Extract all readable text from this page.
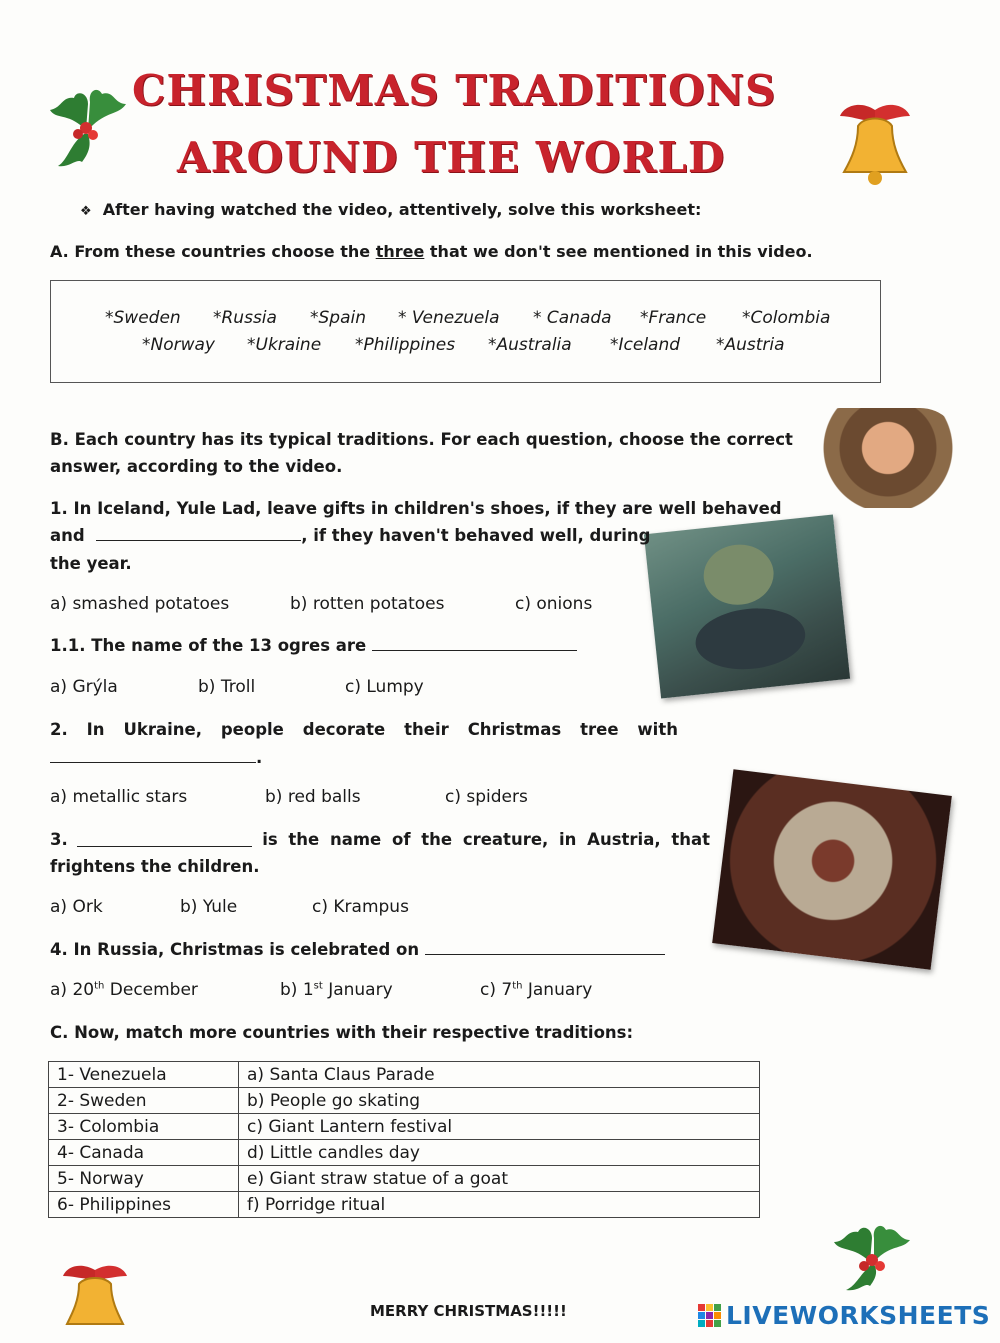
CHRISTMAS TRADITIONS
AROUND THE WORLD
❖ After having watched the video, attentively, solve this worksheet:
A. From these countries choose the three that we don't see mentioned in this video.
*Sweden *Russia *Spain * Venezuela * Canada *France *Colombia
*Norway *Ukraine *Philippines *Australia *Iceland *Austria
B. Each country has its typical traditions. For each question, choose the correct
answer, according to the video.
1. In Iceland, Yule Lad, leave gifts in children's shoes, if they are well behaved
and	, if they haven't behaved well, during
the year.
a) smashed potatoes	b) rotten potatoes	c) onions
1.1. The name of the 13 ogres are
a) Grýla	b) Troll	c) Lumpy
2. In Ukraine, people decorate their Christmas tree with
.
a) metallic stars	b) red balls	c) spiders
3.	is the name of the creature, in Austria, that
frightens the children.
a) Ork	b) Yule	c) Krampus
4. In Russia, Christmas is celebrated on
a) 20th December	b) 1st January	c) 7th January
C. Now, match more countries with their respective traditions:
1- Venezuela	a) Santa Claus Parade
2- Sweden	b) People go skating
3- Colombia	c) Giant Lantern festival
4- Canada	d) Little candles day
5- Norway	e) Giant straw statue of a goat
6- Philippines	f) Porridge ritual
MERRY CHRISTMAS!!!!!	LIVEWORKSHEETS
